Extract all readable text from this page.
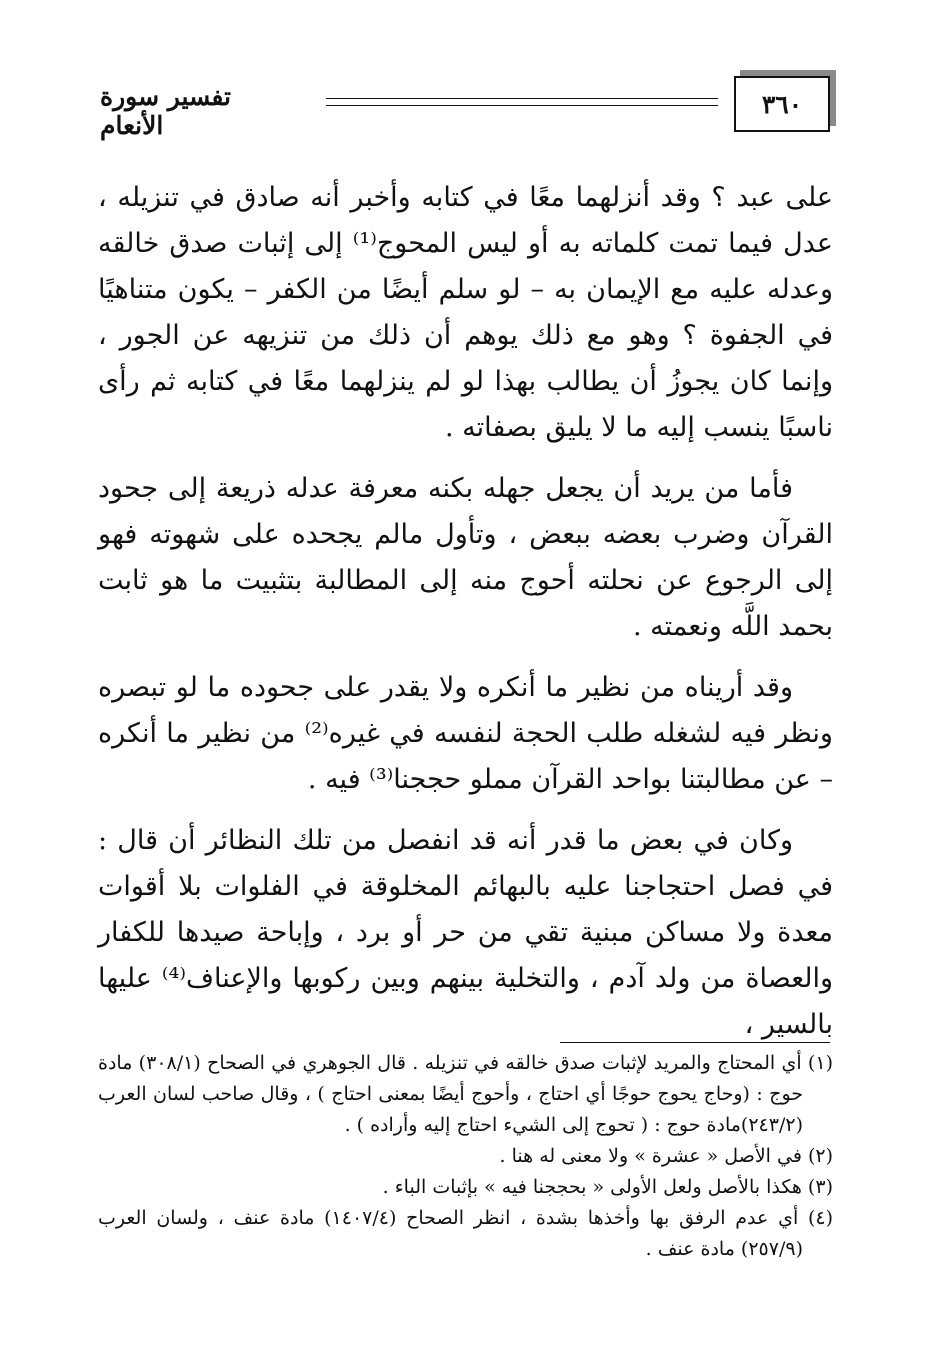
٣٦٠
تفسير سورة الأنعام

على عبد ؟ وقد أنزلهما معًا في كتابه وأخبر أنه صادق في تنزيله ، عدل فيما تمت كلماته به أو ليس المحوج⁽¹⁾ إلى إثبات صدق خالقه وعدله عليه مع الإيمان به – لو سلم أيضًا من الكفر – يكون متناهيًا في الجفوة ؟ وهو مع ذلك يوهم أن ذلك من تنزيهه عن الجور ، وإنما كان يجوزُ أن يطالب بهذا لو لم ينزلهما معًا في كتابه ثم رأى ناسبًا ينسب إليه ما لا يليق بصفاته .

فأما من يريد أن يجعل جهله بكنه معرفة عدله ذريعة إلى جحود القرآن وضرب بعضه ببعض ، وتأول مالم يجحده على شهوته فهو إلى الرجوع عن نحلته أحوج منه إلى المطالبة بتثبيت ما هو ثابت بحمد اللَّه ونعمته .

وقد أريناه من نظير ما أنكره ولا يقدر على جحوده ما لو تبصره ونظر فيه لشغله طلب الحجة لنفسه في غيره⁽²⁾ من نظير ما أنكره – عن مطالبتنا بواحد القرآن مملو حججنا⁽³⁾ فيه .

وكان في بعض ما قدر أنه قد انفصل من تلك النظائر أن قال : في فصل احتجاجنا عليه بالبهائم المخلوقة في الفلوات بلا أقوات معدة ولا مساكن مبنية تقي من حر أو برد ، وإباحة صيدها للكفار والعصاة من ولد آدم ، والتخلية بينهم وبين ركوبها والإعناف⁽⁴⁾ عليها بالسير ،

(١) أي المحتاج والمريد لإثبات صدق خالقه في تنزيله . قال الجوهري في الصحاح (٣٠٨/١) مادة حوج : (وحاج يحوج حوجًا أي احتاج ، وأحوج أيضًا بمعنى احتاج ) ، وقال صاحب لسان العرب (٢٤٣/٢)مادة حوج : ( تحوج إلى الشيء احتاج إليه وأراده ) .

(٢) في الأصل « عشرة » ولا معنى له هنا .

(٣) هكذا بالأصل ولعل الأولى « بحججنا فيه » بإثبات الباء .

(٤) أي عدم الرفق بها وأخذها بشدة ، انظر الصحاح (١٤٠٧/٤) مادة عنف ، ولسان العرب (٢٥٧/٩) مادة عنف .
